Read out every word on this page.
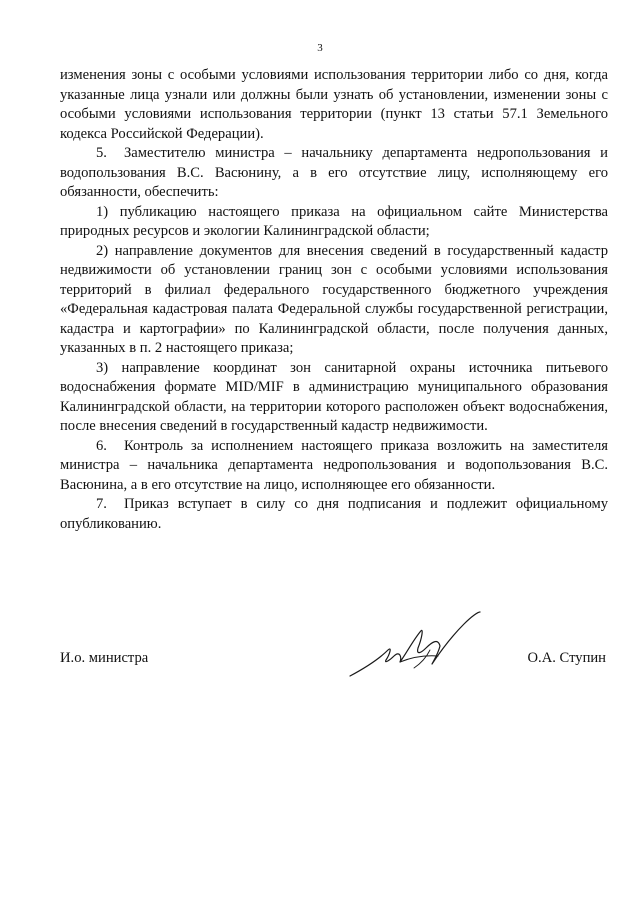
3

изменения зоны с особыми условиями использования территории либо со дня, когда указанные лица узнали или должны были узнать об установлении, изменении зоны с особыми условиями использования территории (пункт 13 статьи 57.1 Земельного кодекса Российской Федерации).

5. Заместителю министра – начальнику департамента недропользования и водопользования В.С. Васюнину, а в его отсутствие лицу, исполняющему его обязанности, обеспечить:

1) публикацию настоящего приказа на официальном сайте Министерства природных ресурсов и экологии Калининградской области;

2) направление документов для внесения сведений в государственный кадастр недвижимости об установлении границ зон с особыми условиями использования территорий в филиал федерального государственного бюджетного учреждения «Федеральная кадастровая палата Федеральной службы государственной регистрации, кадастра и картографии» по Калининградской области, после получения данных, указанных в п. 2 настоящего приказа;

3) направление координат зон санитарной охраны источника питьевого водоснабжения формате MID/MIF в администрацию муниципального образования Калининградской области, на территории которого расположен объект водоснабжения, после внесения сведений в государственный кадастр недвижимости.

6. Контроль за исполнением настоящего приказа возложить на заместителя министра – начальника департамента недропользования и водопользования В.С. Васюнина, а в его отсутствие на лицо, исполняющее его обязанности.

7. Приказ вступает в силу со дня подписания и подлежит официальному опубликованию.

И.о. министра	О.А. Ступин
